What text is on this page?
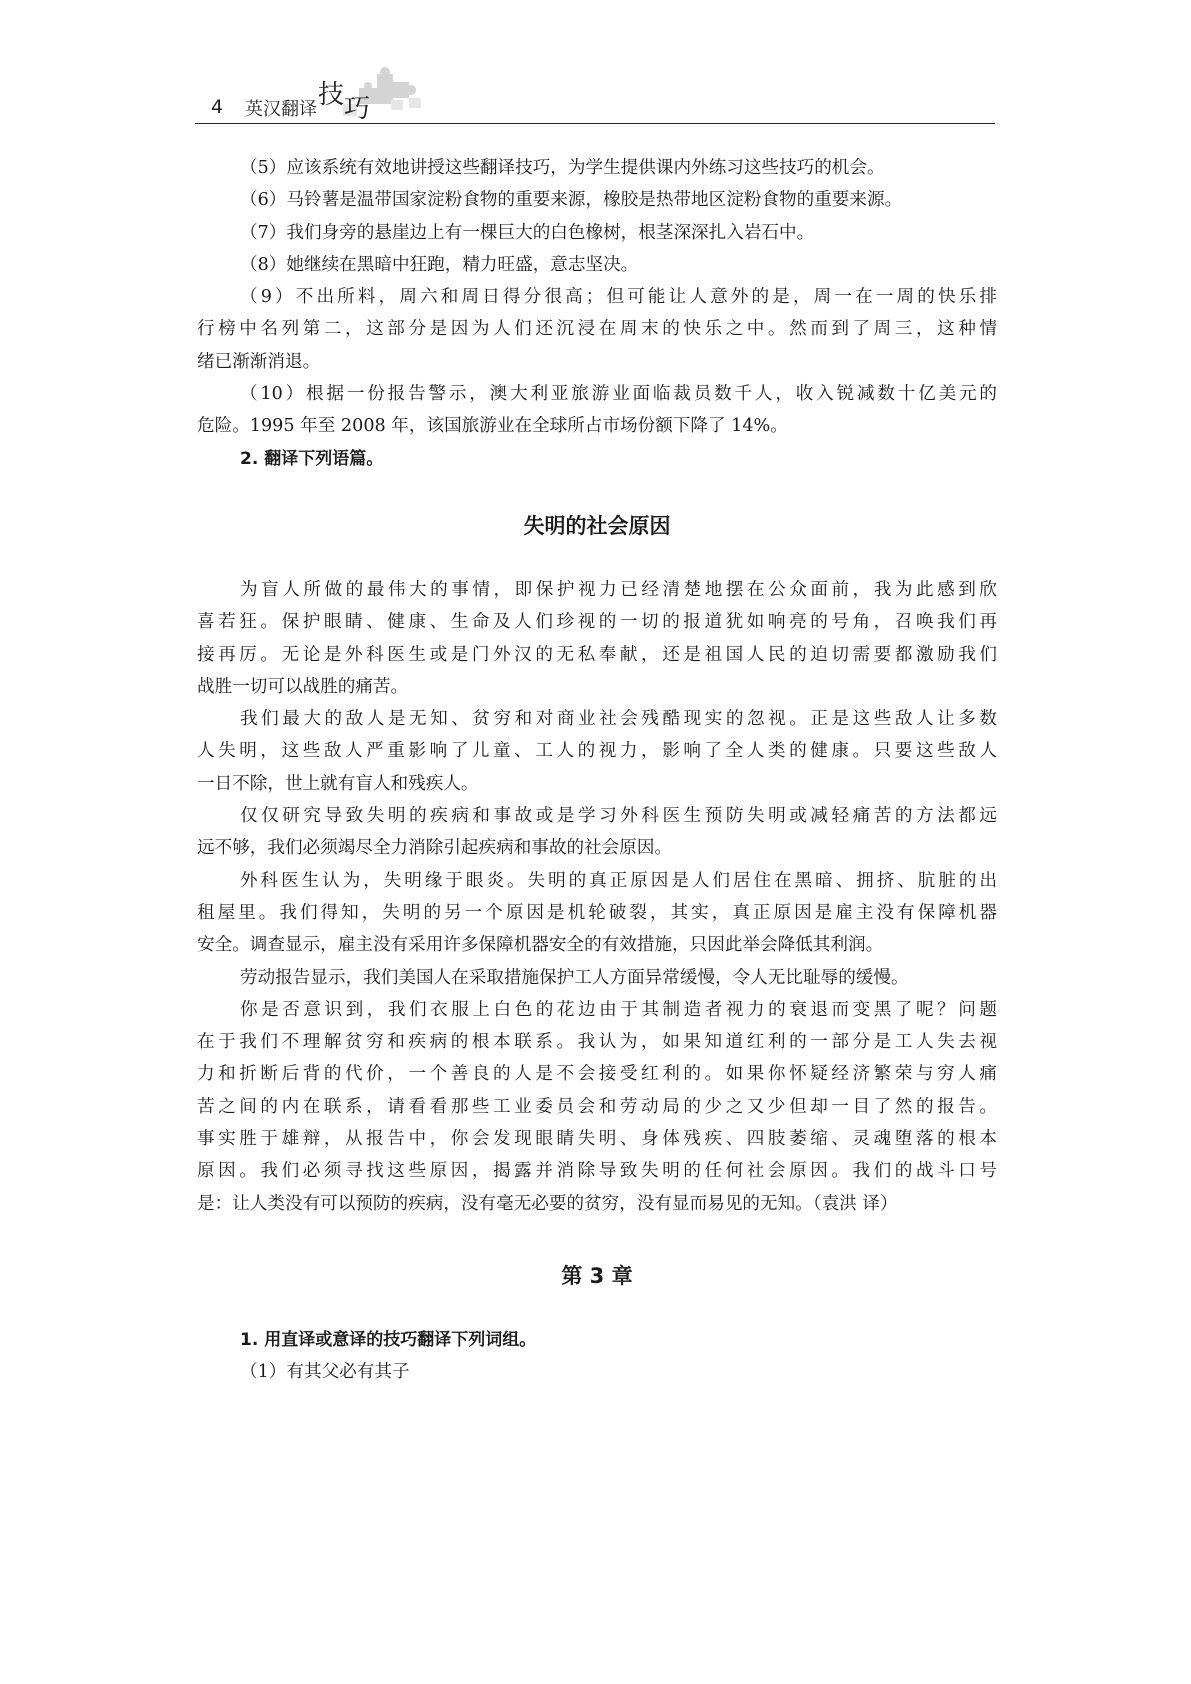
4 英汉翻译 技 巧
（5）应该系统有效地讲授这些翻译技巧，为学生提供课内外练习这些技巧的机会。
（6）马铃薯是温带国家淀粉食物的重要来源，橡胶是热带地区淀粉食物的重要来源。
（7）我们身旁的悬崖边上有一棵巨大的白色橡树，根茎深深扎入岩石中。
（8）她继续在黑暗中狂跑，精力旺盛，意志坚决。
（9）不出所料，周六和周日得分很高；但可能让人意外的是，周一在一周的快乐排
行榜中名列第二，这部分是因为人们还沉浸在周末的快乐之中。然而到了周三，这种情
绪已渐渐消退。
（10）根据一份报告警示，澳大利亚旅游业面临裁员数千人，收入锐减数十亿美元的
危险。1995 年至 2008 年，该国旅游业在全球所占市场份额下降了 14%。
2. 翻译下列语篇。
失明的社会原因
为盲人所做的最伟大的事情，即保护视力已经清楚地摆在公众面前，我为此感到欣
喜若狂。保护眼睛、健康、生命及人们珍视的一切的报道犹如响亮的号角，召唤我们再
接再厉。无论是外科医生或是门外汉的无私奉献，还是祖国人民的迫切需要都激励我们
战胜一切可以战胜的痛苦。
我们最大的敌人是无知、贫穷和对商业社会残酷现实的忽视。正是这些敌人让多数
人失明，这些敌人严重影响了儿童、工人的视力，影响了全人类的健康。只要这些敌人
一日不除，世上就有盲人和残疾人。
仅仅研究导致失明的疾病和事故或是学习外科医生预防失明或减轻痛苦的方法都远
远不够，我们必须竭尽全力消除引起疾病和事故的社会原因。
外科医生认为，失明缘于眼炎。失明的真正原因是人们居住在黑暗、拥挤、肮脏的出
租屋里。我们得知，失明的另一个原因是机轮破裂，其实，真正原因是雇主没有保障机器
安全。调查显示，雇主没有采用许多保障机器安全的有效措施，只因此举会降低其利润。
劳动报告显示，我们美国人在采取措施保护工人方面异常缓慢，令人无比耻辱的缓慢。
你是否意识到，我们衣服上白色的花边由于其制造者视力的衰退而变黑了呢？问题
在于我们不理解贫穷和疾病的根本联系。我认为，如果知道红利的一部分是工人失去视
力和折断后背的代价，一个善良的人是不会接受红利的。如果你怀疑经济繁荣与穷人痛
苦之间的内在联系，请看看那些工业委员会和劳动局的少之又少但却一目了然的报告。
事实胜于雄辩，从报告中，你会发现眼睛失明、身体残疾、四肢萎缩、灵魂堕落的根本
原因。我们必须寻找这些原因，揭露并消除导致失明的任何社会原因。我们的战斗口号
是：让人类没有可以预防的疾病，没有毫无必要的贫穷，没有显而易见的无知。（袁洪 译）
第 3 章
1. 用直译或意译的技巧翻译下列词组。
（1）有其父必有其子
